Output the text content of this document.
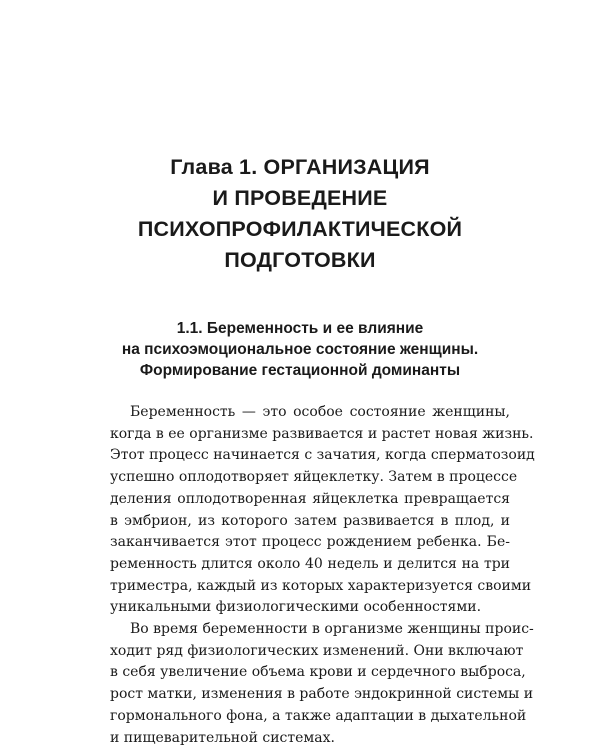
Глава 1. ОРГАНИЗАЦИЯ
И ПРОВЕДЕНИЕ
ПСИХОПРОФИЛАКТИЧЕСКОЙ
ПОДГОТОВКИ
1.1. Беременность и ее влияние
на психоэмоциональное состояние женщины.
Формирование гестационной доминанты
Беременность — это особое состояние женщины,
когда в ее организме развивается и растет новая жизнь.
Этот процесс начинается с зачатия, когда сперматозоид
успешно оплодотворяет яйцеклетку. Затем в процессе
деления оплодотворенная яйцеклетка превращается
в эмбрион, из которого затем развивается в плод, и
заканчивается этот процесс рождением ребенка. Бе-
ременность длится около 40 недель и делится на три
триместра, каждый из которых характеризуется своими
уникальными физиологическими особенностями.
Во время беременности в организме женщины проис-
ходит ряд физиологических изменений. Они включают
в себя увеличение объема крови и сердечного выброса,
рост матки, изменения в работе эндокринной системы и
гормонального фона, а также адаптации в дыхательной
и пищеварительной системах.
